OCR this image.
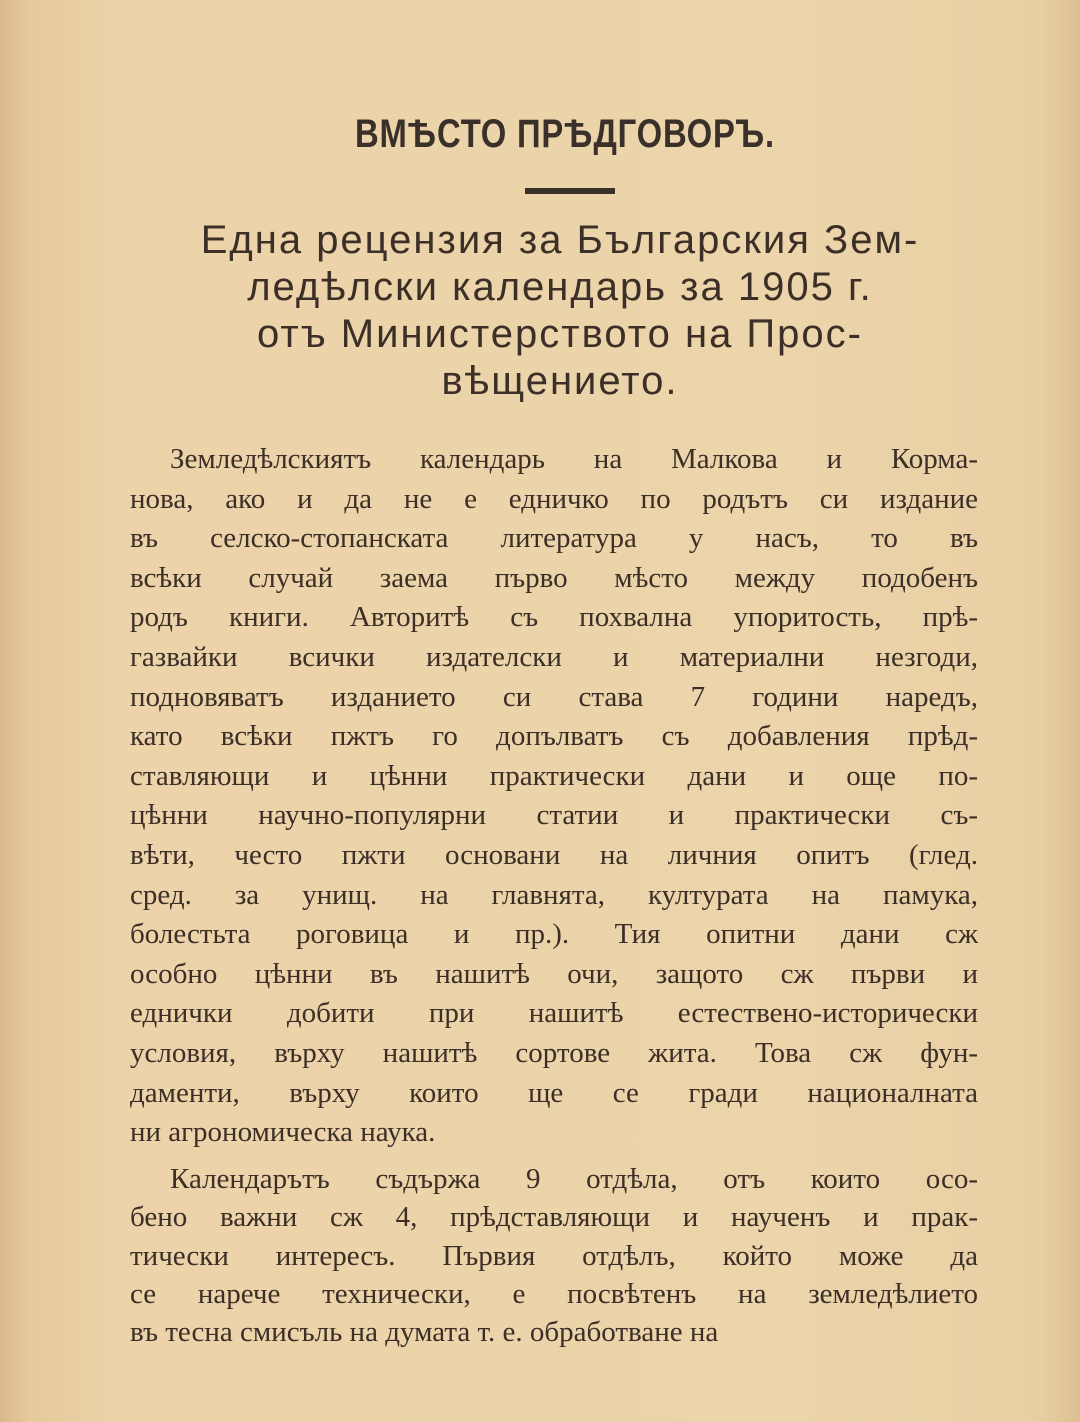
ВМѢСТО ПРѢДГОВОРЪ.
Една рецензия за Българския Зем-
ледѣлски календарь за 1905 г.
отъ Министерството на Прос-
вѣщението.
Земледѣлскиятъ календарь на Малкова и Корма-
нова, ако и да не е едничко по родътъ си издание
въ селско-стопанската литература у насъ, то въ
всѣки случай заема първо мѣсто между подобенъ
родъ книги. Авторитѣ съ похвална упоритость, прѣ-
газвайки всички издателски и материални незгоди,
подновяватъ изданието си става 7 години наредъ,
като всѣки пжтъ го допълватъ съ добавления прѣд-
ставляющи и цѣнни практически дани и още по-
цѣнни научно-популярни статии и практически съ-
вѣти, често пжти основани на личния опитъ (глед.
сред. за унищ. на главнята, културата на памука,
болестьта роговица и пр.). Тия опитни дани сж
особно цѣнни въ нашитѣ очи, защото сж първи и
еднички добити при нашитѣ естествено-исторически
условия, върху нашитѣ сортове жита. Това сж фун-
даменти, върху които ще се гради националната
ни агрономическа наука.
Календарътъ съдържа 9 отдѣла, отъ които осо-
бено важни сж 4, прѣдставляющи и наученъ и прак-
тически интересъ. Първия отдѣлъ, който може да
се нарече технически, е посвѣтенъ на земледѣлието
въ тесна смисъль на думата т. е. обработване на
